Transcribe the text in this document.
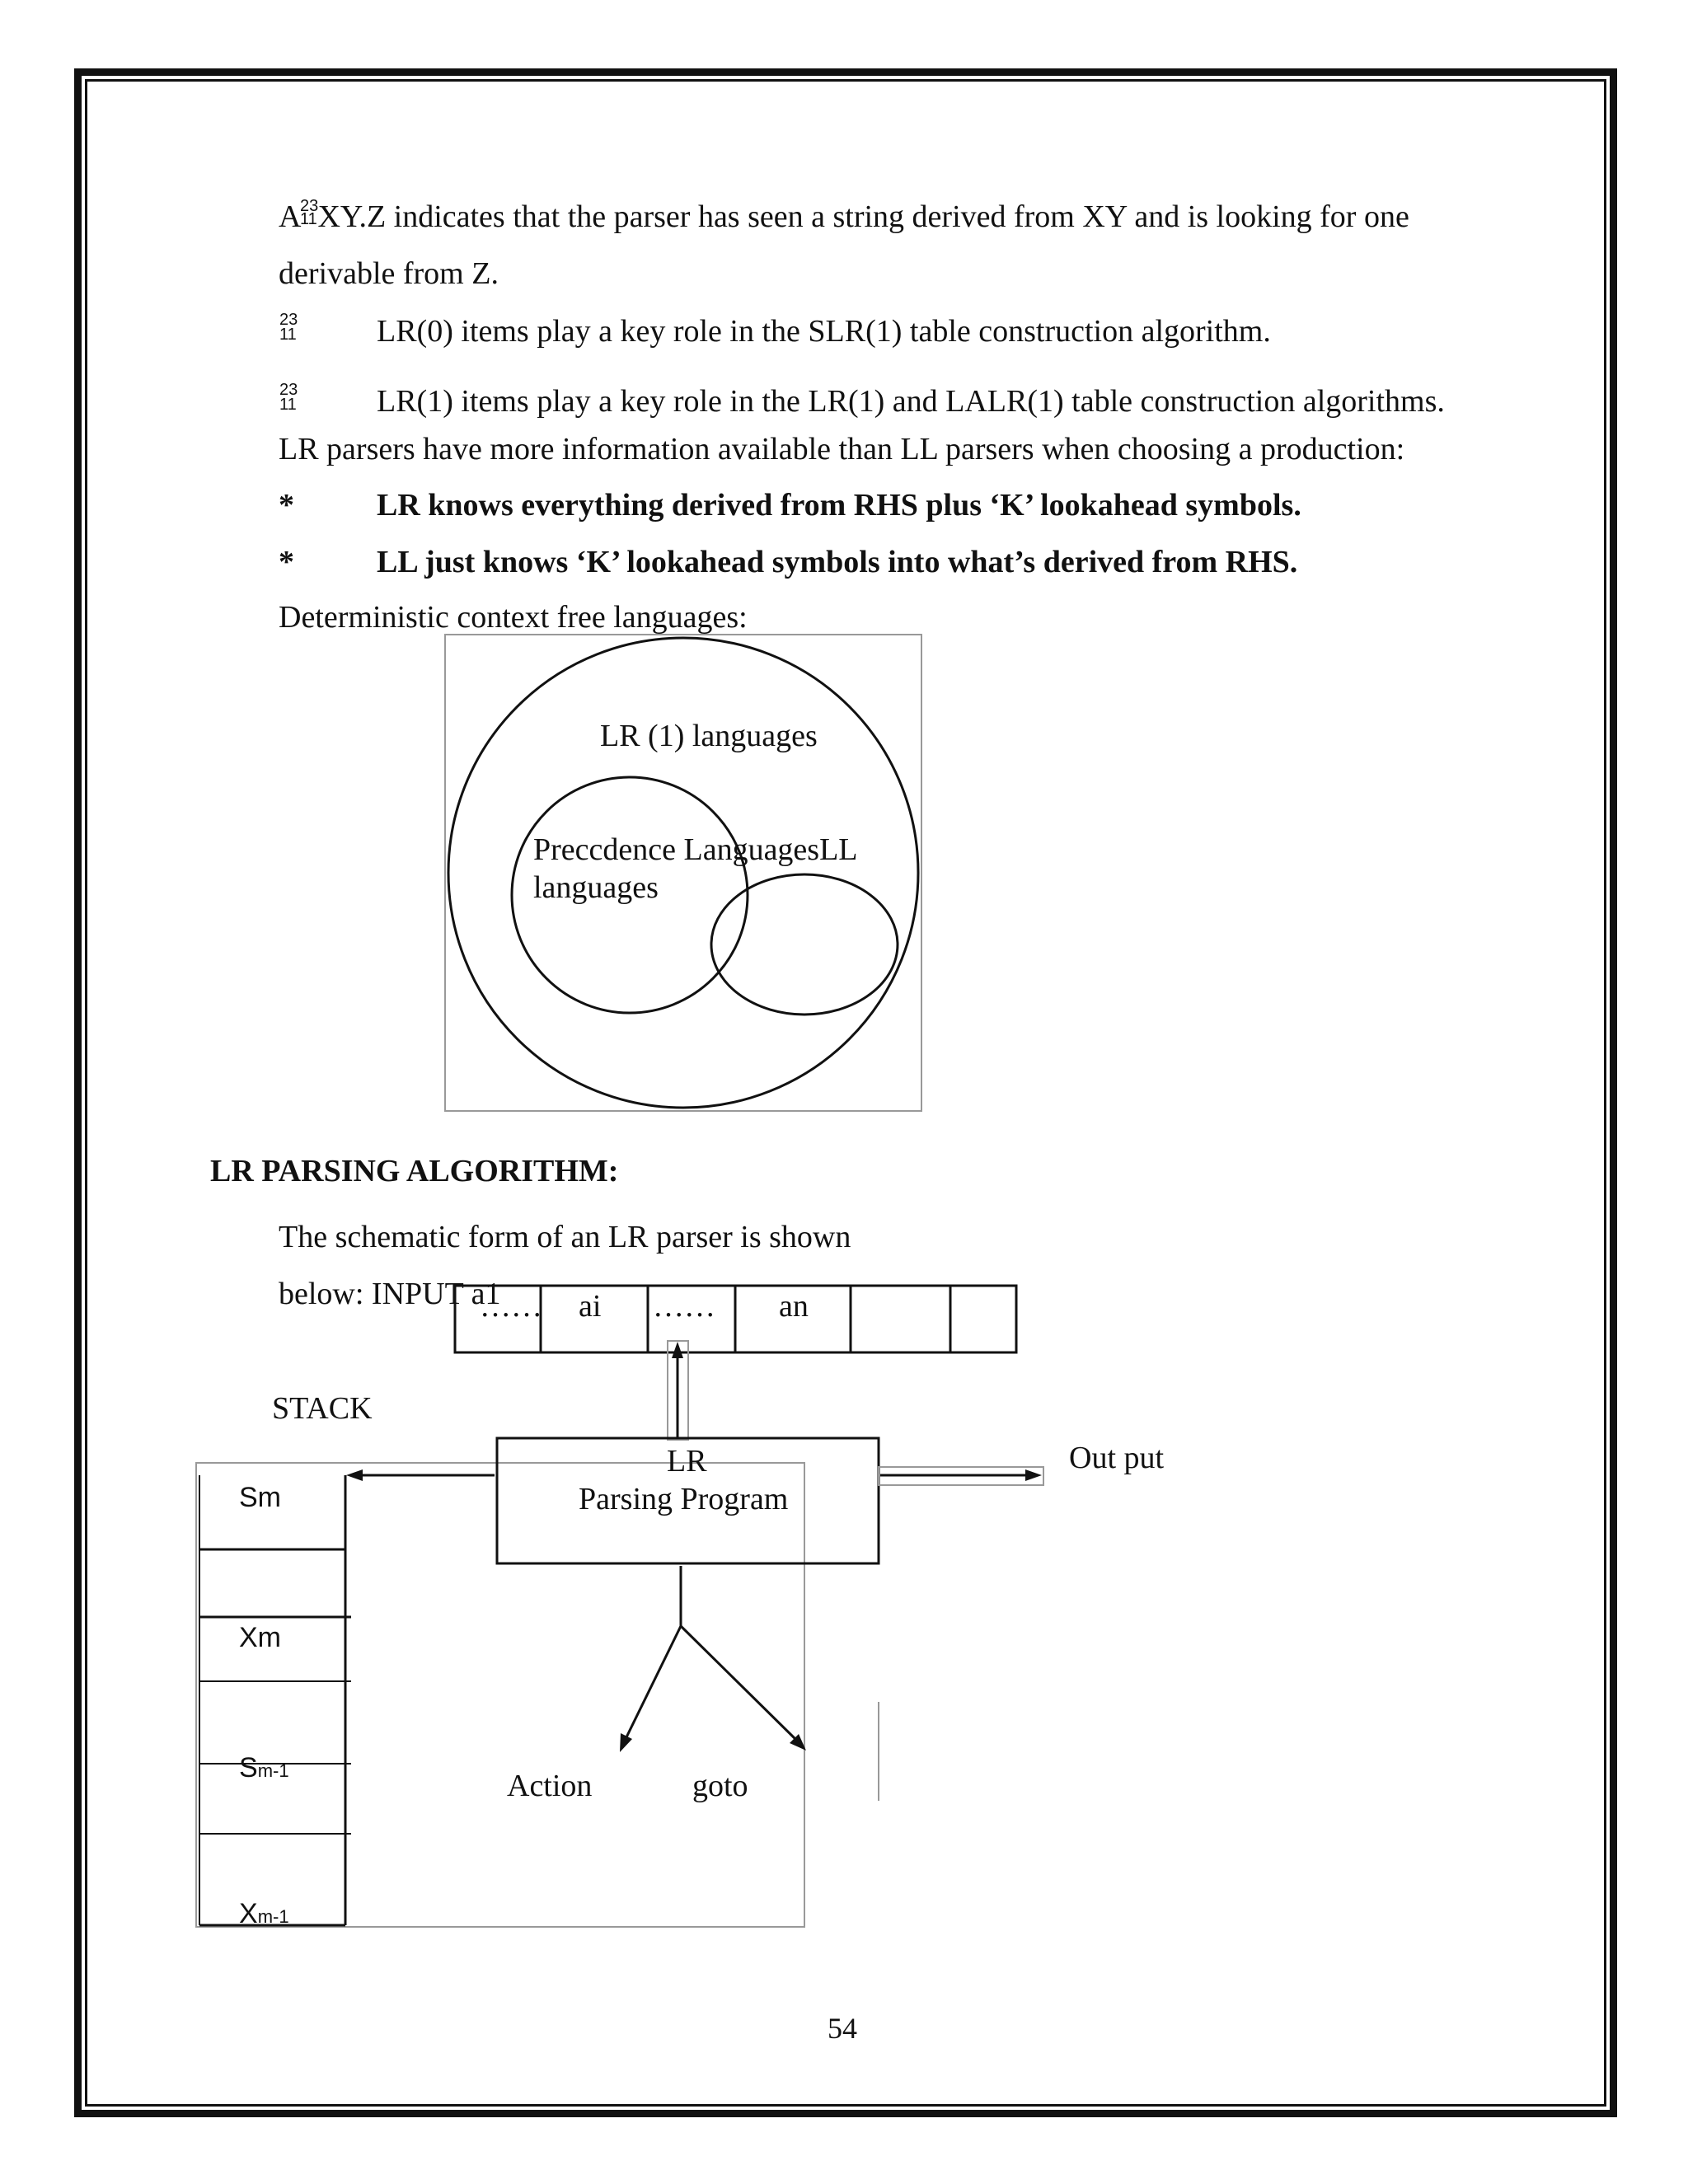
A XY.Z indicates that the parser has seen a string derived from XY and is looking for one
23
11
derivable from Z.
23
11	LR(0) items play a key role in the SLR(1) table construction algorithm.
23
11	LR(1) items play a key role in the LR(1) and LALR(1) table construction algorithms.
LR parsers have more information available than LL parsers when choosing a production:
*	LR knows everything derived from RHS plus ‘K’ lookahead symbols.
*	LL just knows ‘K’ lookahead symbols into what’s derived from RHS.
Deterministic context free languages:
LR (1) languages
Preccdence LanguagesLL
languages
LR PARSING ALGORITHM:
The schematic form of an LR parser is shown
below: INPUT a1
…… ai …… an
STACK
LR
Parsing Program
Out put
Sm
Xm
Sm-1
Xm-1
Action	goto
54
